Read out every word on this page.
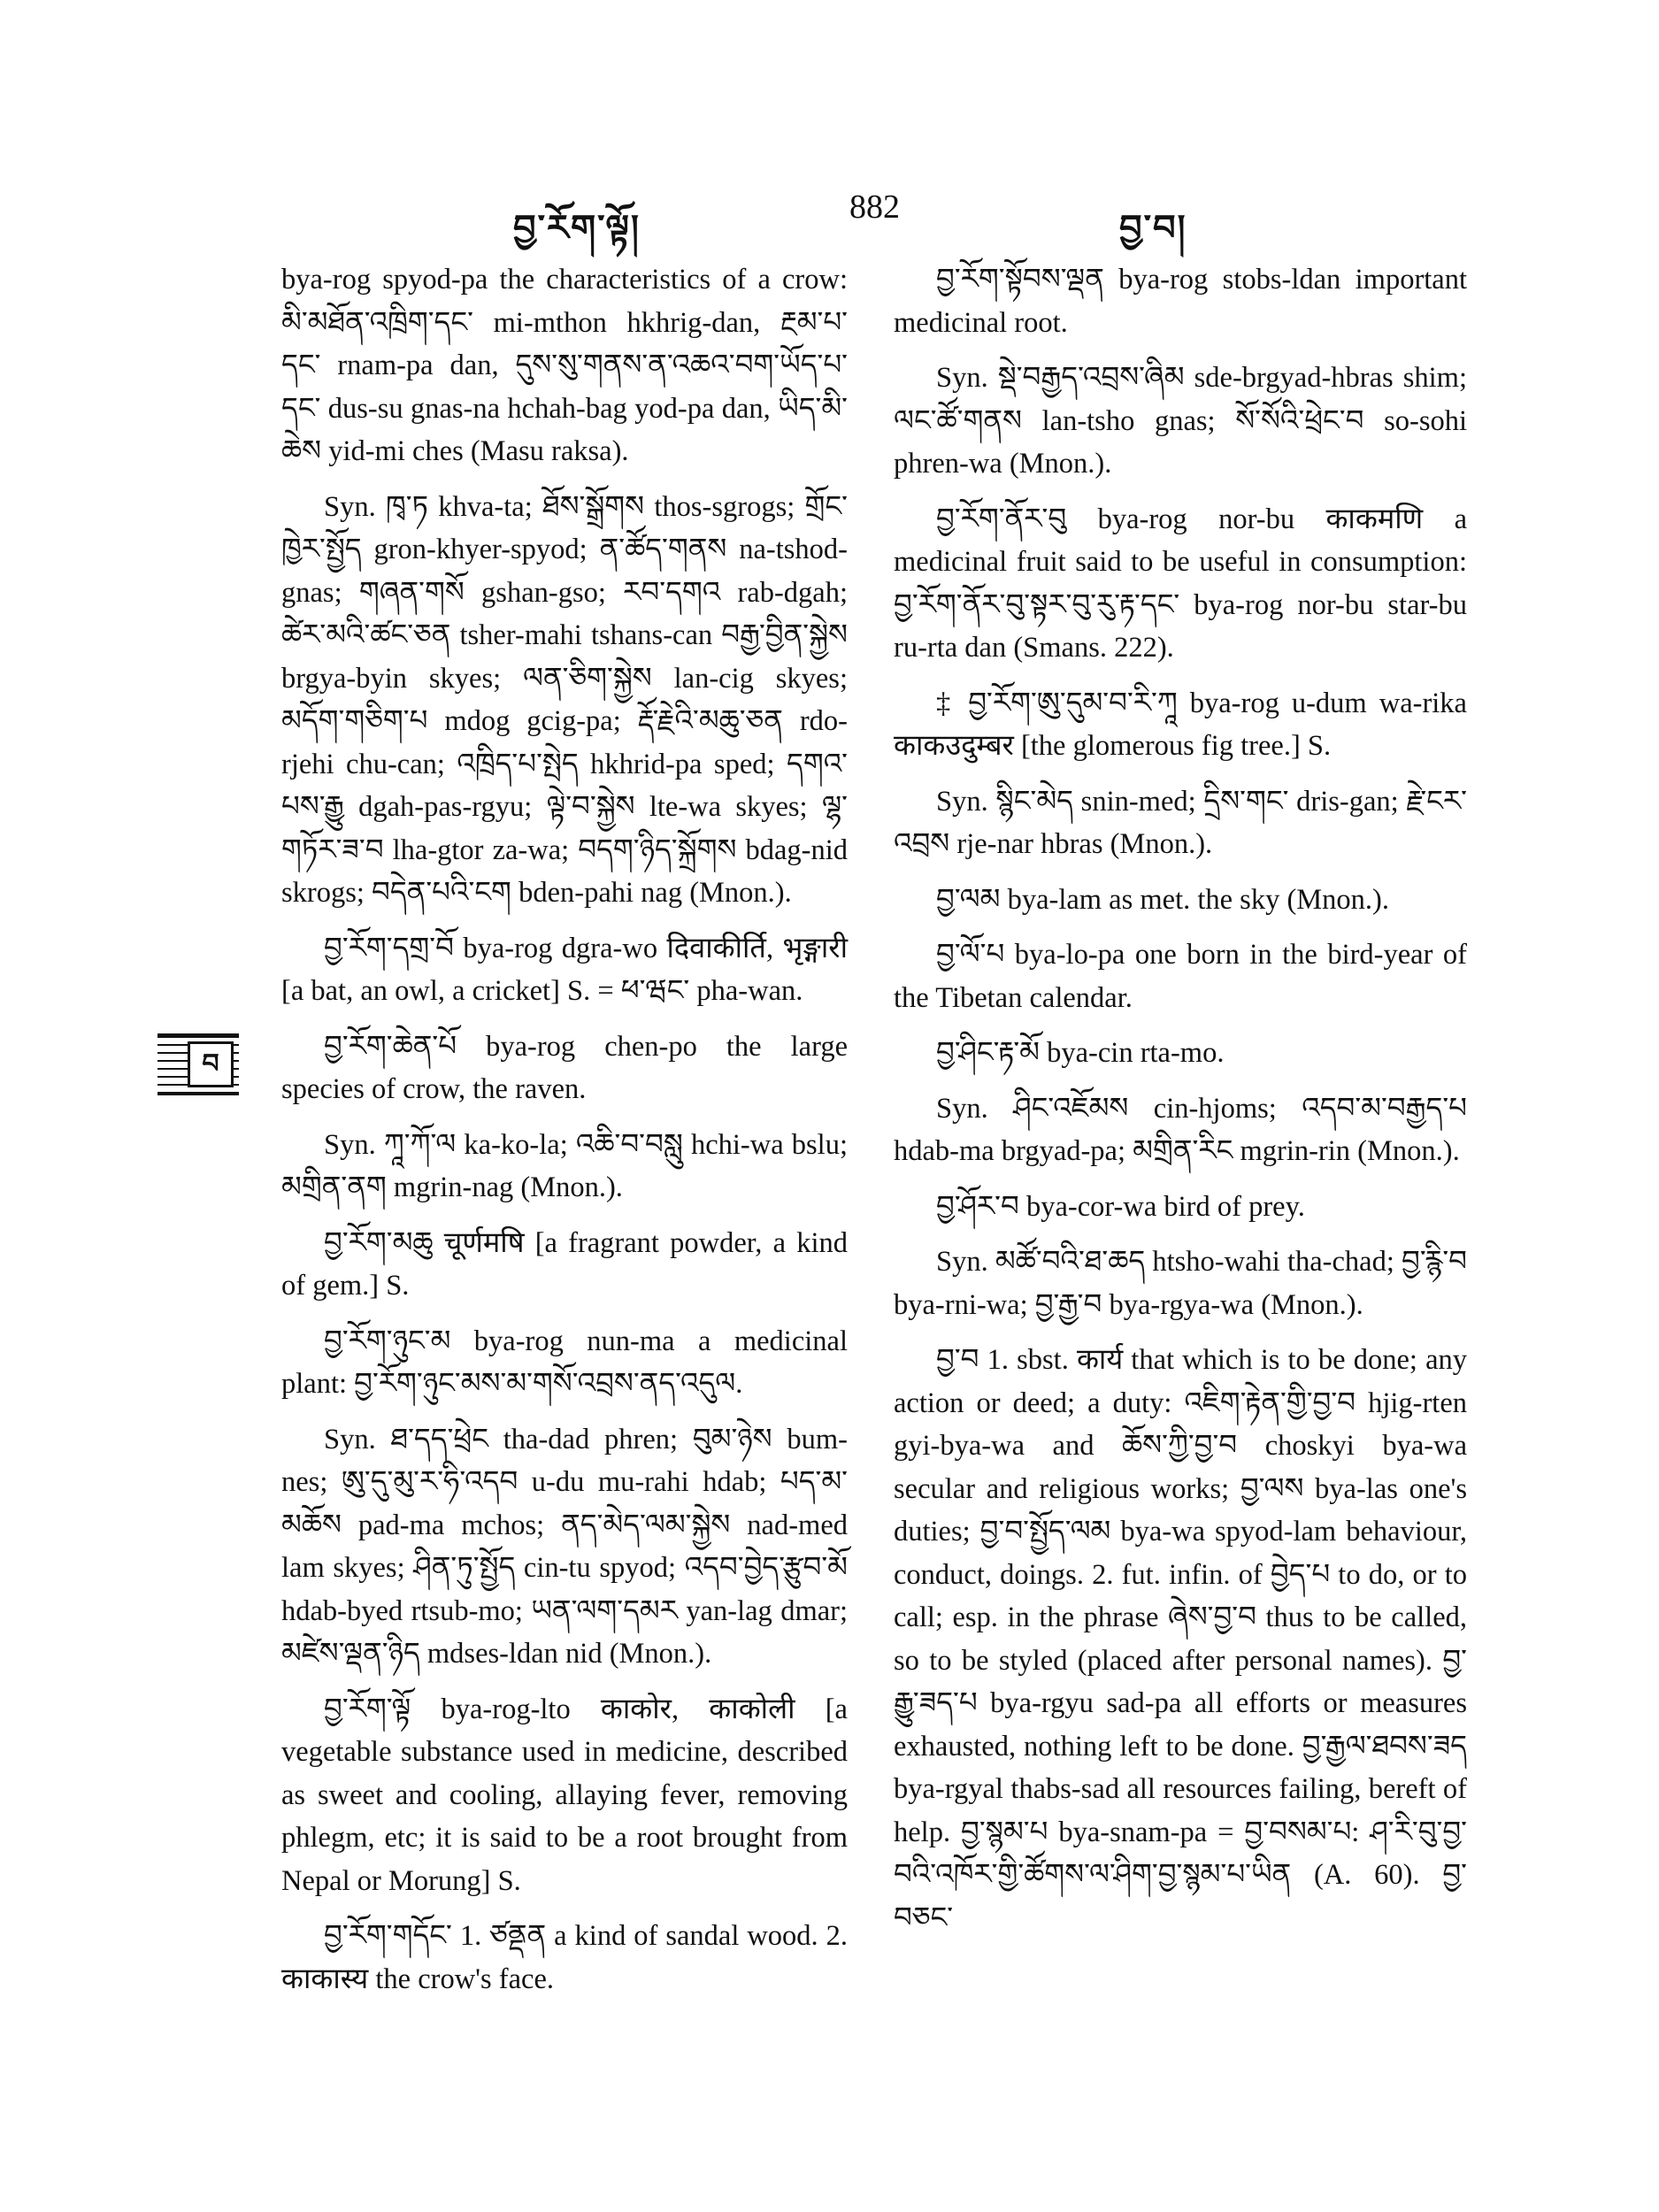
བྱ་རོག་ལྟོ།
882
བྱ་བ།
བ

bya-rog spyod-pa the characteristics of a crow: མི་མཐོན་འཁྲིག་དང་ mi-mthon hkhrig-dan, རྔམ་པ་དང་ rnam-pa dan, དུས་སུ་གནས་ན་འཆའ་བག་ཡོད་པ་དང་ dus-su gnas-na hchah-bag yod-pa dan, ཡིད་མི་ཆེས yid-mi ches (Masu raksa).

Syn. ཁྭ་ཏ khva-ta; ཐོས་སྒྲོགས thos-sgrogs; གྲོང་ཁྱེར་སྤྱོད gron-khyer-spyod; ན་ཚོད་གནས na-tshod-gnas; གཞན་གསོ gshan-gso; རབ་དགའ rab-dgah; ཚེར་མའི་ཚང་ཅན tsher-mahi tshans-can བརྒྱ་བྱིན་སྐྱེས brgya-byin skyes; ལན་ཅིག་སྐྱེས lan-cig skyes; མདོག་གཅིག་པ mdog gcig-pa; རྡོ་རྗེའི་མཆུ་ཅན rdo-rjehi chu-can; འཁྲིད་པ་སྤེད hkhrid-pa sped; དགའ་པས་རྒྱུ dgah-pas-rgyu; ལྟེ་བ་སྐྱེས lte-wa skyes; ལྷ་གཏོར་ཟ་བ lha-gtor za-wa; བདག་ཉིད་སྐྲོགས bdag-nid skrogs; བདེན་པའི་ངག bden-pahi nag (Mnon.).

བྱ་རོག་དགྲ་བོ bya-rog dgra-wo दिवाकीर्ति, भृङ्गारी [a bat, an owl, a cricket] S. = ཕ་ཝང་ pha-wan.

བྱ་རོག་ཆེན་པོ bya-rog chen-po the large species of crow, the raven.

Syn. ཀཱ་ཀོ་ལ ka-ko-la; འཆི་བ་བསླུ hchi-wa bslu; མགྲིན་ནག mgrin-nag (Mnon.).

བྱ་རོག་མཆུ चूर्णमषि [a fragrant powder, a kind of gem.] S.

བྱ་རོག་ཉུང་མ bya-rog nun-ma a medicinal plant: བྱ་རོག་ཉུང་མས་མ་གསོ་འབྲས་ནད་འདུལ.

Syn. ཐ་དད་ཕྲེང tha-dad phren; བུམ་ཉེས bum-nes; ཨུ་དུ་མུ་ར་ཧི་འདབ u-du mu-rahi hdab; པད་མ་མཆོས pad-ma mchos; ནད་མེད་ལམ་སྐྱེས nad-med lam skyes; ཤིན་ཏུ་སྤྱོད cin-tu spyod; འདབ་བྱེད་རྩུབ་མོ hdab-byed rtsub-mo; ཡན་ལག་དམར yan-lag dmar; མཛེས་ལྡན་ཉིད mdses-ldan nid (Mnon.).

བྱ་རོག་ལྟོ bya-rog-lto काकोर, काकोली [a vegetable substance used in medicine, described as sweet and cooling, allaying fever, removing phlegm, etc; it is said to be a root brought from Nepal or Morung] S.

བྱ་རོག་གདོང་ 1. ཙནྡན a kind of sandal wood. 2. काकास्य the crow's face.

བྱ་རོག་སྟོབས་ལྡན bya-rog stobs-ldan important medicinal root.

Syn. སྡེ་བརྒྱད་འབྲས་ཞིམ sde-brgyad-hbras shim; ལང་ཚོ་གནས lan-tsho gnas; སོ་སོའི་ཕྲེང་བ so-sohi phren-wa (Mnon.).

བྱ་རོག་ནོར་བུ bya-rog nor-bu काकमणि a medicinal fruit said to be useful in consumption: བྱ་རོག་ནོར་བུ་སྟར་བུ་རུ་རྟ་དང་ bya-rog nor-bu star-bu ru-rta dan (Smans. 222).

‡ བྱ་རོག་ཨུ་དུམ་བ་རི་ཀཱ bya-rog u-dum wa-rika काकउदुम्बर [the glomerous fig tree.] S.

Syn. སྙིང་མེད snin-med; དྲིས་གང་ dris-gan; རྗེ་ངར་འབྲས rje-nar hbras (Mnon.).

བྱ་ལམ bya-lam as met. the sky (Mnon.).

བྱ་ལོ་པ bya-lo-pa one born in the bird-year of the Tibetan calendar.

བྱ་ཤིང་རྟ་མོ bya-cin rta-mo.

Syn. ཤིང་འཇོམས cin-hjoms; འདབ་མ་བརྒྱད་པ hdab-ma brgyad-pa; མགྲིན་རིང mgrin-rin (Mnon.).

བྱ་ཤོར་བ bya-cor-wa bird of prey.

Syn. མཚོ་བའི་ཐ་ཆད htsho-wahi tha-chad; བྱ་རྙི་བ bya-rni-wa; བྱ་རྒྱ་བ bya-rgya-wa (Mnon.).

བྱ་བ 1. sbst. कार्य that which is to be done; any action or deed; a duty: འཇིག་རྟེན་གྱི་བྱ་བ hjig-rten gyi-bya-wa and ཆོས་ཀྱི་བྱ་བ choskyi bya-wa secular and religious works; བྱ་ལས bya-las one's duties; བྱ་བ་སྤྱོད་ལམ bya-wa spyod-lam behaviour, conduct, doings. 2. fut. infin. of བྱེད་པ to do, or to call; esp. in the phrase ཞེས་བྱ་བ thus to be called, so to be styled (placed after personal names). བྱ་རྒྱུ་ཟད་པ bya-rgyu sad-pa all efforts or measures exhausted, nothing left to be done. བྱ་རྒྱལ་ཐབས་ཟད bya-rgyal thabs-sad all resources failing, bereft of help. བྱ་སྙམ་པ bya-snam-pa = བྱ་བསམ་པ: ཤ་རི་བུ་བྱ་བའི་འཁོར་གྱི་ཚོགས་ལ་ཤིག་བྱ་སྙམ་པ་ཡིན (A. 60). བྱ་བཅང་
